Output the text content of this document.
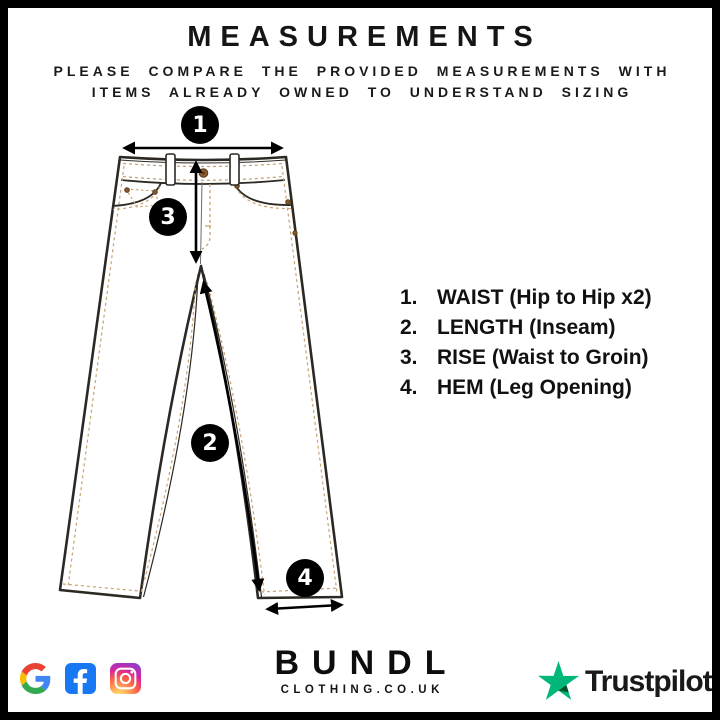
MEASUREMENTS

PLEASE COMPARE THE PROVIDED MEASUREMENTS WITH

ITEMS ALREADY OWNED TO UNDERSTAND SIZING

1
2
3
4
1. WAIST (Hip to Hip x2)
2. LENGTH (Inseam)
3. RISE (Waist to Groin)
4. HEM (Leg Opening)
BUNDL
CLOTHING.CO.UK	Trustpilot
